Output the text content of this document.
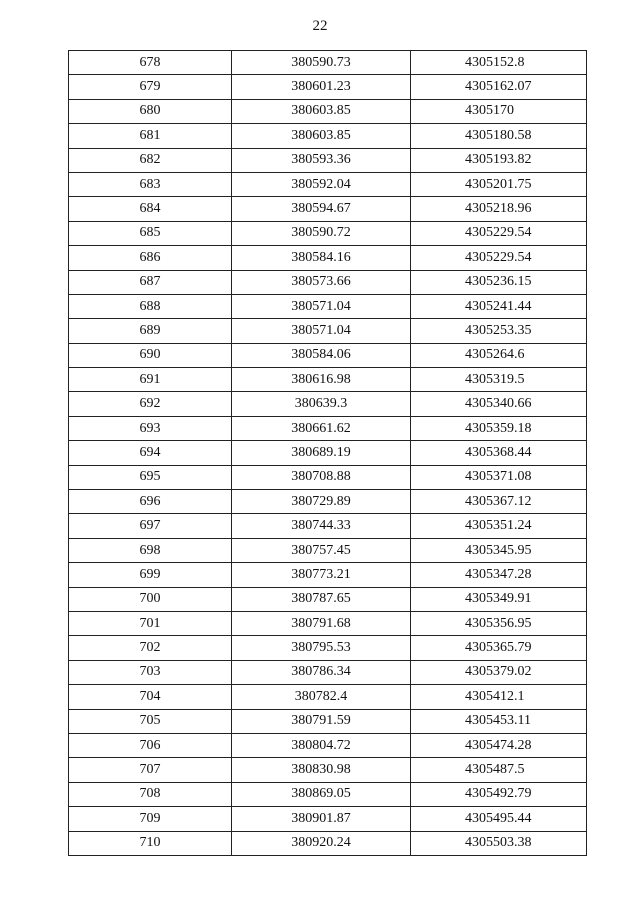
22
678	380590.73	4305152.8
679	380601.23	4305162.07
680	380603.85	4305170
681	380603.85	4305180.58
682	380593.36	4305193.82
683	380592.04	4305201.75
684	380594.67	4305218.96
685	380590.72	4305229.54
686	380584.16	4305229.54
687	380573.66	4305236.15
688	380571.04	4305241.44
689	380571.04	4305253.35
690	380584.06	4305264.6
691	380616.98	4305319.5
692	380639.3	4305340.66
693	380661.62	4305359.18
694	380689.19	4305368.44
695	380708.88	4305371.08
696	380729.89	4305367.12
697	380744.33	4305351.24
698	380757.45	4305345.95
699	380773.21	4305347.28
700	380787.65	4305349.91
701	380791.68	4305356.95
702	380795.53	4305365.79
703	380786.34	4305379.02
704	380782.4	4305412.1
705	380791.59	4305453.11
706	380804.72	4305474.28
707	380830.98	4305487.5
708	380869.05	4305492.79
709	380901.87	4305495.44
710	380920.24	4305503.38
